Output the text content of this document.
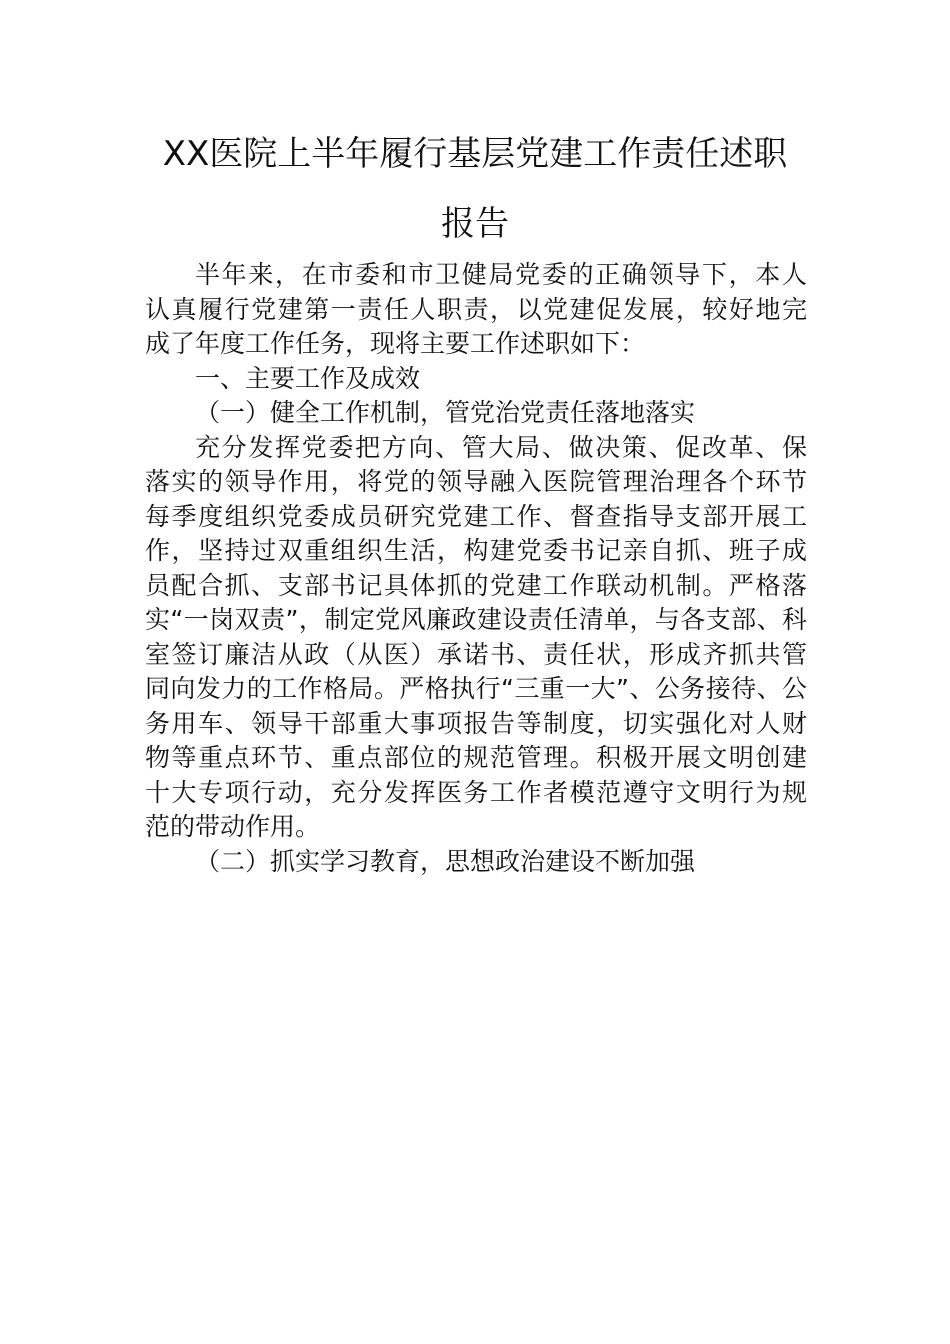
XX医院上半年履行基层党建工作责任述职
报告
半年来，在市委和市卫健局党委的正确领导下，本人
认真履行党建第一责任人职责，以党建促发展，较好地完
成了年度工作任务，现将主要工作述职如下：
一、主要工作及成效
（一）健全工作机制，管党治党责任落地落实
充分发挥党委把方向、管大局、做决策、促改革、保
落实的领导作用，将党的领导融入医院管理治理各个环节
每季度组织党委成员研究党建工作、督查指导支部开展工
作，坚持过双重组织生活，构建党委书记亲自抓、班子成
员配合抓、支部书记具体抓的党建工作联动机制。严格落
实“一岗双责”，制定党风廉政建设责任清单，与各支部、科
室签订廉洁从政（从医）承诺书、责任状，形成齐抓共管
同向发力的工作格局。严格执行“三重一大”、公务接待、公
务用车、领导干部重大事项报告等制度，切实强化对人财
物等重点环节、重点部位的规范管理。积极开展文明创建
十大专项行动，充分发挥医务工作者模范遵守文明行为规
范的带动作用。
（二）抓实学习教育，思想政治建设不断加强
